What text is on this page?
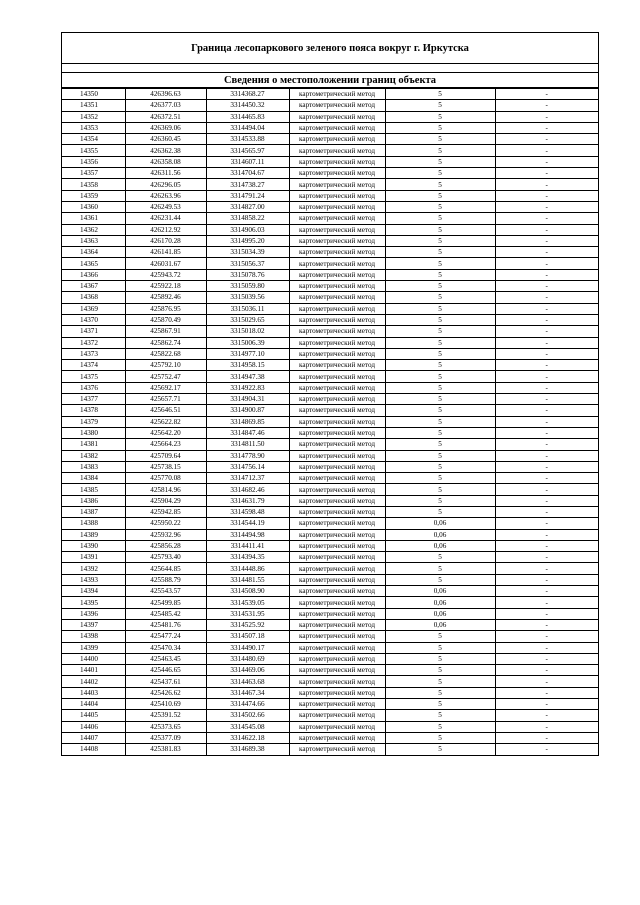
Граница лесопаркового зеленого пояса вокруг г. Иркутска
Сведения о местоположении границ объекта
14350	426396.63	3314368.27	картометрический метод	5	-
14351	426377.03	3314450.32	картометрический метод	5	-
14352	426372.51	3314465.83	картометрический метод	5	-
14353	426369.06	3314494.04	картометрический метод	5	-
14354	426360.45	3314533.88	картометрический метод	5	-
14355	426362.38	3314565.97	картометрический метод	5	-
14356	426358.08	3314607.11	картометрический метод	5	-
14357	426311.56	3314704.67	картометрический метод	5	-
14358	426296.05	3314738.27	картометрический метод	5	-
14359	426263.96	3314791.24	картометрический метод	5	-
14360	426249.53	3314827.00	картометрический метод	5	-
14361	426231.44	3314858.22	картометрический метод	5	-
14362	426212.92	3314906.03	картометрический метод	5	-
14363	426170.28	3314995.20	картометрический метод	5	-
14364	426141.85	3315034.39	картометрический метод	5	-
14365	426031.67	3315056.37	картометрический метод	5	-
14366	425943.72	3315078.76	картометрический метод	5	-
14367	425922.18	3315059.80	картометрический метод	5	-
14368	425892.46	3315039.56	картометрический метод	5	-
14369	425876.95	3315036.11	картометрический метод	5	-
14370	425870.49	3315029.65	картометрический метод	5	-
14371	425867.91	3315018.02	картометрический метод	5	-
14372	425862.74	3315006.39	картометрический метод	5	-
14373	425822.68	3314977.10	картометрический метод	5	-
14374	425792.10	3314958.15	картометрический метод	5	-
14375	425752.47	3314947.38	картометрический метод	5	-
14376	425692.17	3314922.83	картометрический метод	5	-
14377	425657.71	3314904.31	картометрический метод	5	-
14378	425646.51	3314900.87	картометрический метод	5	-
14379	425622.82	3314869.85	картометрический метод	5	-
14380	425642.20	3314847.46	картометрический метод	5	-
14381	425664.23	3314811.50	картометрический метод	5	-
14382	425709.64	3314778.90	картометрический метод	5	-
14383	425738.15	3314756.14	картометрический метод	5	-
14384	425770.08	3314712.37	картометрический метод	5	-
14385	425814.96	3314682.46	картометрический метод	5	-
14386	425904.29	3314631.79	картометрический метод	5	-
14387	425942.85	3314598.48	картометрический метод	5	-
14388	425950.22	3314544.19	картометрический метод	0,06	-
14389	425932.96	3314494.98	картометрический метод	0,06	-
14390	425856.28	3314411.41	картометрический метод	0,06	-
14391	425793.40	3314394.35	картометрический метод	5	-
14392	425644.85	3314448.86	картометрический метод	5	-
14393	425588.79	3314481.55	картометрический метод	5	-
14394	425543.57	3314508.90	картометрический метод	0,06	-
14395	425499.85	3314539.05	картометрический метод	0,06	-
14396	425485.42	3314531.95	картометрический метод	0,06	-
14397	425481.76	3314525.92	картометрический метод	0,06	-
14398	425477.24	3314507.18	картометрический метод	5	-
14399	425470.34	3314490.17	картометрический метод	5	-
14400	425463.45	3314480.69	картометрический метод	5	-
14401	425446.65	3314469.06	картометрический метод	5	-
14402	425437.61	3314463.68	картометрический метод	5	-
14403	425426.62	3314467.34	картометрический метод	5	-
14404	425410.69	3314474.66	картометрический метод	5	-
14405	425391.52	3314502.66	картометрический метод	5	-
14406	425373.65	3314545.08	картометрический метод	5	-
14407	425377.09	3314622.18	картометрический метод	5	-
14408	425381.83	3314689.38	картометрический метод	5	-
